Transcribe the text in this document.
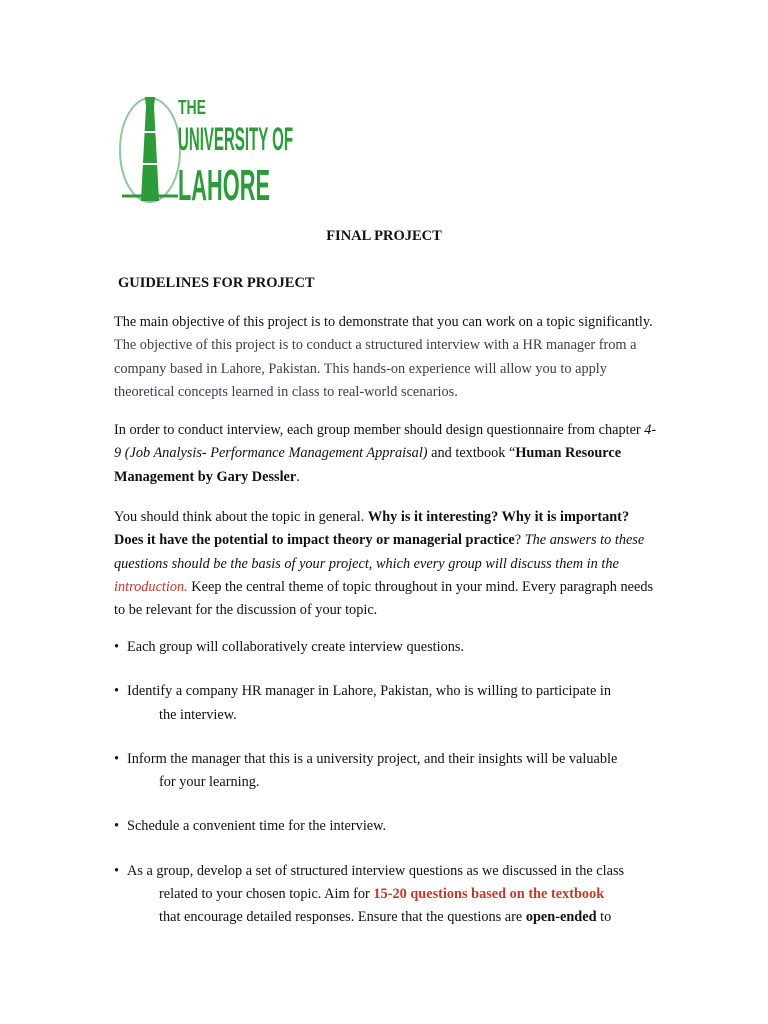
THE
UNIVERSITY OF
LAHORE
FINAL PROJECT
GUIDELINES FOR PROJECT
The main objective of this project is to demonstrate that you can work on a topic significantly. The objective of this project is to conduct a structured interview with a HR manager from a company based in Lahore, Pakistan. This hands-on experience will allow you to apply theoretical concepts learned in class to real-world scenarios.
In order to conduct interview, each group member should design questionnaire from chapter 4- 9 (Job Analysis- Performance Management Appraisal) and textbook “Human Resource Management by Gary Dessler.
You should think about the topic in general. Why is it interesting? Why it is important? Does it have the potential to impact theory or managerial practice? The answers to these questions should be the basis of your project, which every group will discuss them in the introduction. Keep the central theme of topic throughout in your mind. Every paragraph needs to be relevant for the discussion of your topic.
• Each group will collaboratively create interview questions.
• Identify a company HR manager in Lahore, Pakistan, who is willing to participate in
the interview.
• Inform the manager that this is a university project, and their insights will be valuable
for your learning.
• Schedule a convenient time for the interview.
• As a group, develop a set of structured interview questions as we discussed in the class
related to your chosen topic. Aim for 15-20 questions based on the textbook
that encourage detailed responses. Ensure that the questions are open-ended to
